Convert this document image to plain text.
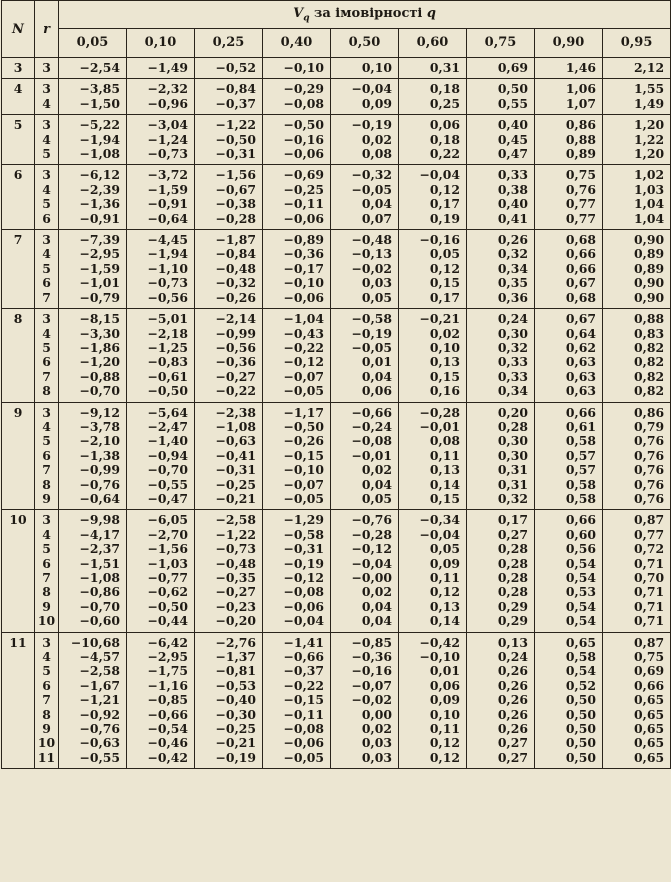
N	r	$V_q$ за імовірності q								
		0,05	0,10	0,25	0,40	0,50	0,60	0,75	0,90	0,95
3	3	−2,54	−1,49	−0,52	−0,10	0,10	0,31	0,69	1,46	2,12
4	3	−3,85	−2,32	−0,84	−0,29	−0,04	0,18	0,50	1,06	1,55
	4	−1,50	−0,96	−0,37	−0,08	0,09	0,25	0,55	1,07	1,49
5	3	−5,22	−3,04	−1,22	−0,50	−0,19	0,06	0,40	0,86	1,20
	4	−1,94	−1,24	−0,50	−0,16	0,02	0,18	0,45	0,88	1,22
	5	−1,08	−0,73	−0,31	−0,06	0,08	0,22	0,47	0,89	1,20
6	3	−6,12	−3,72	−1,56	−0,69	−0,32	−0,04	0,33	0,75	1,02
	4	−2,39	−1,59	−0,67	−0,25	−0,05	0,12	0,38	0,76	1,03
	5	−1,36	−0,91	−0,38	−0,11	0,04	0,17	0,40	0,77	1,04
	6	−0,91	−0,64	−0,28	−0,06	0,07	0,19	0,41	0,77	1,04
7	3	−7,39	−4,45	−1,87	−0,89	−0,48	−0,16	0,26	0,68	0,90
	4	−2,95	−1,94	−0,84	−0,36	−0,13	0,05	0,32	0,66	0,89
	5	−1,59	−1,10	−0,48	−0,17	−0,02	0,12	0,34	0,66	0,89
	6	−1,01	−0,73	−0,32	−0,10	0,03	0,15	0,35	0,67	0,90
	7	−0,79	−0,56	−0,26	−0,06	0,05	0,17	0,36	0,68	0,90
8	3	−8,15	−5,01	−2,14	−1,04	−0,58	−0,21	0,24	0,67	0,88
	4	−3,30	−2,18	−0,99	−0,43	−0,19	0,02	0,30	0,64	0,83
	5	−1,86	−1,25	−0,56	−0,22	−0,05	0,10	0,32	0,62	0,82
	6	−1,20	−0,83	−0,36	−0,12	0,01	0,13	0,33	0,63	0,82
	7	−0,88	−0,61	−0,27	−0,07	0,04	0,15	0,33	0,63	0,82
	8	−0,70	−0,50	−0,22	−0,05	0,06	0,16	0,34	0,63	0,82
9	3	−9,12	−5,64	−2,38	−1,17	−0,66	−0,28	0,20	0,66	0,86
	4	−3,78	−2,47	−1,08	−0,50	−0,24	−0,01	0,28	0,61	0,79
	5	−2,10	−1,40	−0,63	−0,26	−0,08	0,08	0,30	0,58	0,76
	6	−1,38	−0,94	−0,41	−0,15	−0,01	0,11	0,30	0,57	0,76
	7	−0,99	−0,70	−0,31	−0,10	0,02	0,13	0,31	0,57	0,76
	8	−0,76	−0,55	−0,25	−0,07	0,04	0,14	0,31	0,58	0,76
	9	−0,64	−0,47	−0,21	−0,05	0,05	0,15	0,32	0,58	0,76
10	3	−9,98	−6,05	−2,58	−1,29	−0,76	−0,34	0,17	0,66	0,87
	4	−4,17	−2,70	−1,22	−0,58	−0,28	−0,04	0,27	0,60	0,77
	5	−2,37	−1,56	−0,73	−0,31	−0,12	0,05	0,28	0,56	0,72
	6	−1,51	−1,03	−0,48	−0,19	−0,04	0,09	0,28	0,54	0,71
	7	−1,08	−0,77	−0,35	−0,12	−0,00	0,11	0,28	0,54	0,70
	8	−0,86	−0,62	−0,27	−0,08	0,02	0,12	0,28	0,53	0,71
	9	−0,70	−0,50	−0,23	−0,06	0,04	0,13	0,29	0,54	0,71
	10	−0,60	−0,44	−0,20	−0,04	0,04	0,14	0,29	0,54	0,71
11	3	−10,68	−6,42	−2,76	−1,41	−0,85	−0,42	0,13	0,65	0,87
	4	−4,57	−2,95	−1,37	−0,66	−0,36	−0,10	0,24	0,58	0,75
	5	−2,58	−1,75	−0,81	−0,37	−0,16	0,01	0,26	0,54	0,69
	6	−1,67	−1,16	−0,53	−0,22	−0,07	0,06	0,26	0,52	0,66
	7	−1,21	−0,85	−0,40	−0,15	−0,02	0,09	0,26	0,50	0,65
	8	−0,92	−0,66	−0,30	−0,11	0,00	0,10	0,26	0,50	0,65
	9	−0,76	−0,54	−0,25	−0,08	0,02	0,11	0,26	0,50	0,65
	10	−0,63	−0,46	−0,21	−0,06	0,03	0,12	0,27	0,50	0,65
	11	−0,55	−0,42	−0,19	−0,05	0,03	0,12	0,27	0,50	0,65
